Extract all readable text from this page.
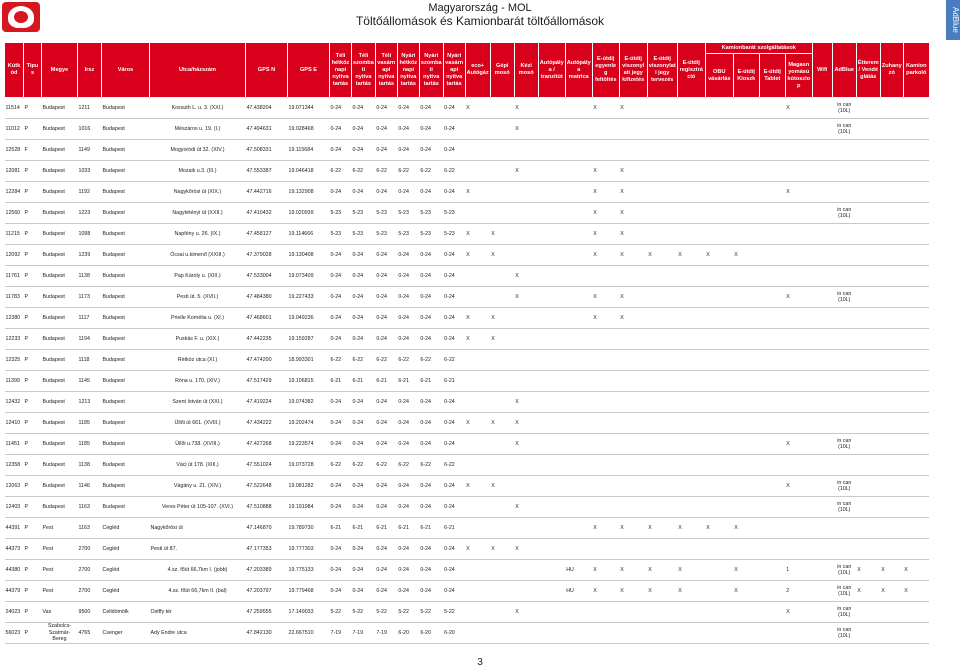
Magyarország - MOL
Töltőállomások és Kamionbarát töltőállomások	AdBlue
Kútk ód	Tipu s	Megye	Irsz	Város	Utca/házszám	GPS N	GPS E	Téli hétköz napi nyitva tartás	Téli szomba ti nyitva tartás	Téli vasárn api nyitva tartás	Nyári hétköz napi nyitva tartás	Nyári szomba ti nyitva tartás	Nyári vasárn api nyitva tartás	eco+ Autógáz	Gépi mosó	Kézi mosó	Autópály a / tranzitút	Autópály a matrica	E-útdíj egyenle g feltöltés	E-útdíj viszonyl ati jegy kifizetés	E-útdíj viszonylat i jegy tervezés	E-útdíj regisztrá ció	Kamionbarát szolgáltatások				Wifi	AdBlue	Étterem / Vendé glátás	Zuhany zó	Kamion parkoló
																							OBU vásárlás	E-útdíj Kioszk	E-útdíj Tablet	Magasn yomású kútoszlo p					
11514	P	Budapest	1211	Budapest	Kossuth L. u. 3. (XXI.)	47.438204	19.071344	0-24	0-24	0-24	0-24	0-24	0-24	X		X			X	X						X		in can (10L)			
11012	P	Budapest	1016	Budapest	Mészáros u. 19. (I.)	47.494631	19.028468	0-24	0-24	0-24	0-24	0-24	0-24			X												in can (10L)			
12528	F	Budapest	1149	Budapest	Mogyoródi út 32. (XIV.)	47.508331	19.115684	0-24	0-24	0-24	0-24	0-24	0-24																		
12081	P	Budapest	1033	Budapest	Mozaik u.3. (III.)	47.553387	19.046418	6-22	6-22	6-22	6-22	6-22	6-22			X			X	X											
12284	P	Budapest	1192	Budapest	Nagykőrösi út (XIX.)	47.442716	19.132908	0-24	0-24	0-24	0-24	0-24	0-24	X					X	X						X					
12560	P	Budapest	1223	Budapest	Nagytétényi út (XXII.)	47.410432	19.020939	5-23	5-23	5-23	5-23	5-23	5-23						X	X								in can (10L)			
11215	P	Budapest	1098	Budapest	Napfény u. 26. (IX.)	47.458127	19.114666	5-23	5-23	5-23	5-23	5-23	5-23	X	X				X	X											
12092	P	Budapest	1239	Budapest	Ócsai u.kimenő (XXIII.)	47.379028	19.130408	0-24	0-24	0-24	0-24	0-24	0-24	X	X				X	X	X	X	X	X							
11761	P	Budapest	1138	Budapest	Pap Károly u. (XIII.)	47.533004	19.073409	0-24	0-24	0-24	0-24	0-24	0-24			X															
11783	P	Budapest	1173	Budapest	Pesti út. 5. (XVII.)	47.484380	19.227433	0-24	0-24	0-24	0-24	0-24	0-24			X			X	X						X		in can (10L)			
12380	P	Budapest	1117	Budapest	Prielle Kornélia u. (XI.)	47.468601	19.049236	0-24	0-24	0-24	0-24	0-24	0-24	X	X				X	X											
12233	P	Budapest	1194	Budapest	Puskás F. u. (XIX.)	47.442235	19.159287	0-24	0-24	0-24	0-24	0-24	0-24	X	X																
12325	P	Budapest	1118	Budapest	Rétköz utca (XI.)	47.474200	18.993301	6-22	6-22	6-22	6-22	6-22	6-22																		
11399	P	Budapest	1145	Budapest	Róna u. 170. (XIV.)	47.517429	19.106815	6-21	6-21	6-21	6-21	6-21	6-21																		
12432	P	Budapest	1213	Budapest	Szent István út (XXI.)	47.419224	19.074382	0-24	0-24	0-24	0-24	0-24	0-24			X															
12410	P	Budapest	1185	Budapest	Üllői út 661. (XVIII.)	47.434222	19.202474	0-24	0-24	0-24	0-24	0-24	0-24	X	X	X															
11451	P	Budapest	1185	Budapest	Üllői u.738. (XVIII.)	47.427268	19.223574	0-24	0-24	0-24	0-24	0-24	0-24			X										X		in can (10L)			
12358	P	Budapest	1138	Budapest	Váci út 178. (XIII.)	47.551024	19.073728	6-22	6-22	6-22	6-22	6-22	6-22																		
12063	P	Budapest	1146	Budapest	Vágány u. 21. (XIV.)	47.522648	19.081282	0-24	0-24	0-24	0-24	0-24	0-24	X	X											X		in can (10L)			
12403	P	Budapest	1163	Budapest	Veres Péter út 105-107. (XVI.)	47.510888	19.191984	0-24	0-24	0-24	0-24	0-24	0-24			X												in can (10L)			
44391	P	Pest	1163	Cegléd	Nagykőrösi út	47.146870	19.789730	6-21	6-21	6-21	6-21	6-21	6-21						X	X	X	X	X	X							
44373	P	Pest	2700	Cegléd	Pesti út 87.	47.177353	19.777303	0-24	0-24	0-24	0-24	0-24	0-24	X	X	X															
44380	P	Pest	2700	Cegléd	4.sz. főút 66,7km I. (jobb)	47.203389	19.775133	0-24	0-24	0-24	0-24	0-24	0-24					HU	X	X	X	X		X		1		in can (10L)	X	X	X
44379	P	Pest	2700	Cegléd	4.sz. főút 66,7km II. (bal)	47.203797	19.779468	0-24	0-24	0-24	0-24	0-24	0-24					HU	X	X	X	X		X		2		in can (10L)	X	X	X
24023	P	Vas	9500	Celldömölk	Ostffy tér	47.259555	17.149033	5-22	5-22	5-22	5-22	5-22	5-22			X										X		in can (10L)			
56023	P	Szabolcs-Szatmár-Bereg	4765	Csenger	Ady Endre utca	47.842130	22.667510	7-19	7-19	7-19	6-20	6-20	6-20															in can (10L)			
3
